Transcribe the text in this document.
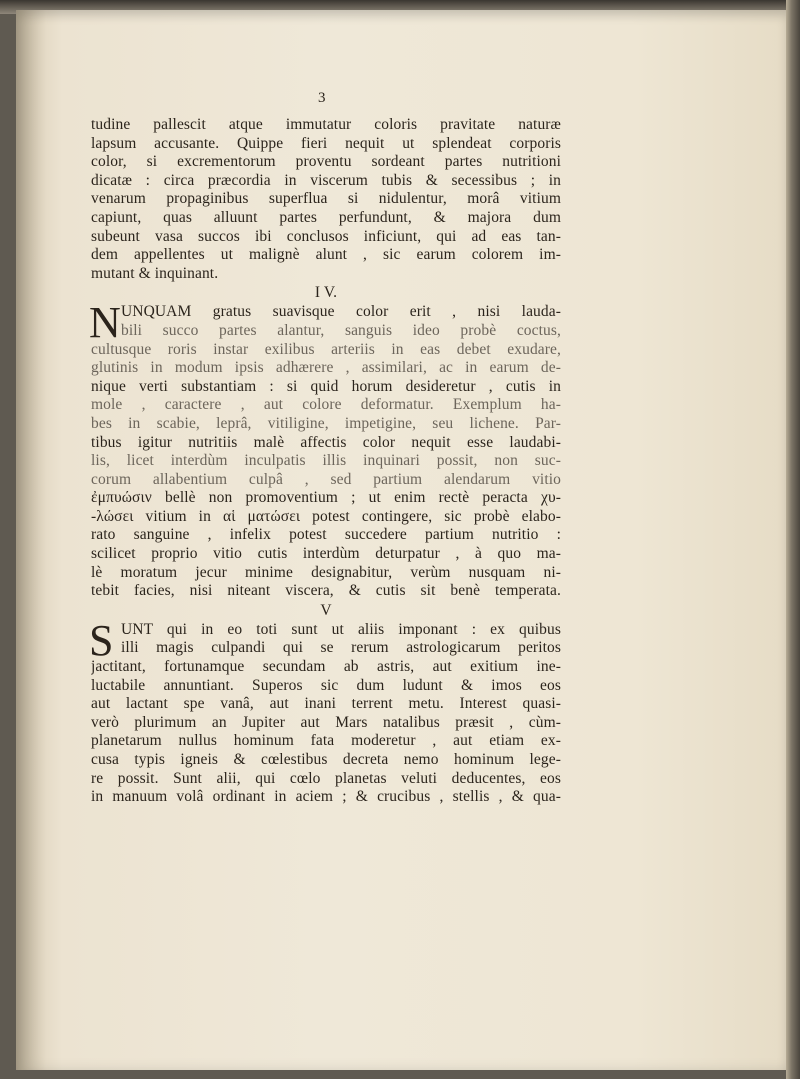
3
tudine pallescit atque immutatur coloris pravitate naturæ
lapsum accusante. Quippe fieri nequit ut splendeat corporis
color, si excrementorum proventu sordeant partes nutritioni
dicatæ : circa præcordia in viscerum tubis & secessibus ; in
venarum propaginibus superflua si nidulentur, morâ vitium
capiunt, quas alluunt partes perfundunt, & majora dum
subeunt vasa succos ibi conclusos inficiunt, qui ad eas tan-
dem appellentes ut malignè alunt , sic earum colorem im-
mutant & inquinant.
I V.
N UNQUAM gratus suavisque color erit , nisi lauda-
bili succo partes alantur, sanguis ideo probè coctus,
cultusque roris instar exilibus arteriis in eas debet exudare,
glutinis in modum ipsis adhærere , assimilari, ac in earum de-
nique verti substantiam : si quid horum desideretur , cutis in
mole , caractere , aut colore deformatur. Exemplum ha-
bes in scabie, leprâ, vitiligine, impetigine, seu lichene. Par-
tibus igitur nutritiis malè affectis color nequit esse laudabi-
lis, licet interdùm inculpatis illis inquinari possit, non suc-
corum allabentium culpâ , sed partium alendarum vitio
ἐμπυώσιν bellè non promoventium ; ut enim rectè peracta χυ-
-λώσει vitium in αἱ ματώσει potest contingere, sic probè elabo-
rato sanguine , infelix potest succedere partium nutritio :
scilicet proprio vitio cutis interdùm deturpatur , à quo ma-
lè moratum jecur minime designabitur, verùm nusquam ni-
tebit facies, nisi niteant viscera, & cutis sit benè temperata.
V
S UNT qui in eo toti sunt ut aliis imponant : ex quibus
illi magis culpandi qui se rerum astrologicarum peritos
jactitant, fortunamque secundam ab astris, aut exitium ine-
luctabile annuntiant. Superos sic dum ludunt & imos eos
aut lactant spe vanâ, aut inani terrent metu. Interest quasi-
verò plurimum an Jupiter aut Mars natalibus præsit , cùm-
planetarum nullus hominum fata moderetur , aut etiam ex-
cusa typis igneis & cœlestibus decreta nemo hominum lege-
re possit. Sunt alii, qui cœlo planetas veluti deducentes, eos
in manuum volâ ordinant in aciem ; & crucibus , stellis , & qua-
